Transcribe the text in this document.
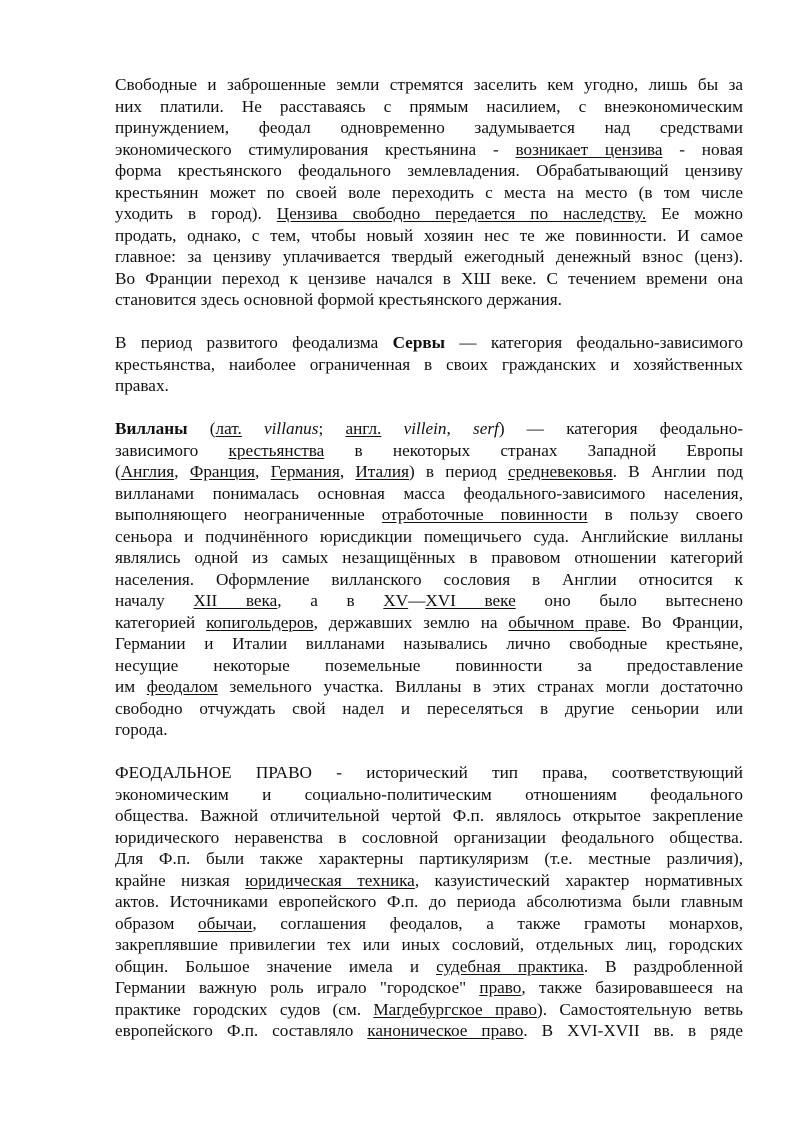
Свободные и заброшенные земли стремятся заселить кем угодно, лишь бы за
них платили. Не расставаясь с прямым насилием, с внеэкономическим
принуждением, феодал одновременно задумывается над средствами
экономического стимулирования крестьянина - возникает цензива - новая
форма крестьянского феодального землевладения. Обрабатывающий цензиву
крестьянин может по своей воле переходить с места на место (в том числе
уходить в город). Цензива свободно передается по наследству. Ее можно
продать, однако, с тем, чтобы новый хозяин нес те же повинности. И самое
главное: за цензиву уплачивается твердый ежегодный денежный взнос (ценз).
Во Франции переход к цензиве начался в ХШ веке. С течением времени она
становится здесь основной формой крестьянского держания.
В период развитого феодализма Сервы — категория феодально-зависимого
крестьянства, наиболее ограниченная в своих гражданских и хозяйственных
правах.
Вилланы (лат. villanus; англ. villein, serf) — категория феодально-
зависимого крестьянства в некоторых странах Западной Европы
(Англия, Франция, Германия, Италия) в период средневековья. В Англии под
вилланами понималась основная масса феодального-зависимого населения,
выполняющего неограниченные отработочные повинности в пользу своего
сеньора и подчинённого юрисдикции помещичьего суда. Английские вилланы
являлись одной из самых незащищённых в правовом отношении категорий
населения. Оформление вилланского сословия в Англии относится к
началу XII века, а в XV—XVI веке оно было вытеснено
категорией копигольдеров, державших землю на обычном праве. Во Франции,
Германии и Италии вилланами назывались лично свободные крестьяне,
несущие некоторые поземельные повинности за предоставление
им феодалом земельного участка. Вилланы в этих странах могли достаточно
свободно отчуждать свой надел и переселяться в другие сеньории или
города.
ФЕОДАЛЬНОЕ ПРАВО - исторический тип права, соответствующий
экономическим и социально-политическим отношениям феодального
общества. Важной отличительной чертой Ф.п. являлось открытое закрепление
юридического неравенства в сословной организации феодального общества.
Для Ф.п. были также характерны партикуляризм (т.е. местные различия),
крайне низкая юридическая техника, казуистический характер нормативных
актов. Источниками европейского Ф.п. до периода абсолютизма были главным
образом обычаи, соглашения феодалов, а также грамоты монархов,
закреплявшие привилегии тех или иных сословий, отдельных лиц, городских
общин. Большое значение имела и судебная практика. В раздробленной
Германии важную роль играло "городское" право, также базировавшееся на
практике городских судов (см. Магдебургское право). Самостоятельную ветвь
европейского Ф.п. составляло каноническое право. В XVI-XVII вв. в ряде
